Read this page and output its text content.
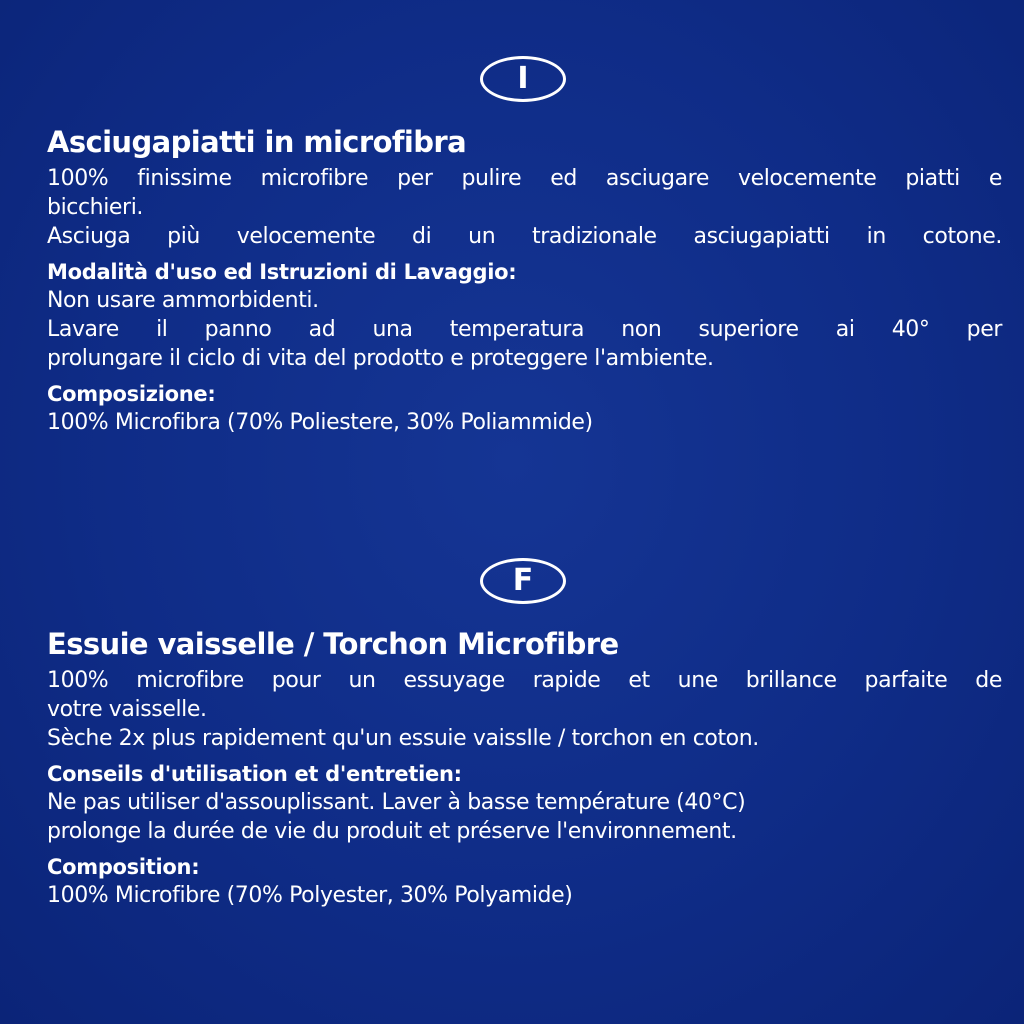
I
Asciugapiatti in microfibra
100% finissime microfibre per pulire ed asciugare velocemente piatti e
bicchieri.
Asciuga più velocemente di un tradizionale asciugapiatti in cotone.
Modalità d'uso ed Istruzioni di Lavaggio:
Non usare ammorbidenti.
Lavare il panno ad una temperatura non superiore ai 40° per
prolungare il ciclo di vita del prodotto e proteggere l'ambiente.
Composizione:
100% Microfibra (70% Poliestere, 30% Poliammide)
F
Essuie vaisselle / Torchon Microfibre
100% microfibre pour un essuyage rapide et une brillance parfaite de
votre vaisselle.
Sèche 2x plus rapidement qu'un essuie vaissIle / torchon en coton.
Conseils d'utilisation et d'entretien:
Ne pas utiliser d'assouplissant. Laver à basse température (40°C)
prolonge la durée de vie du produit et préserve l'environnement.
Composition:
100% Microfibre (70% Polyester, 30% Polyamide)
